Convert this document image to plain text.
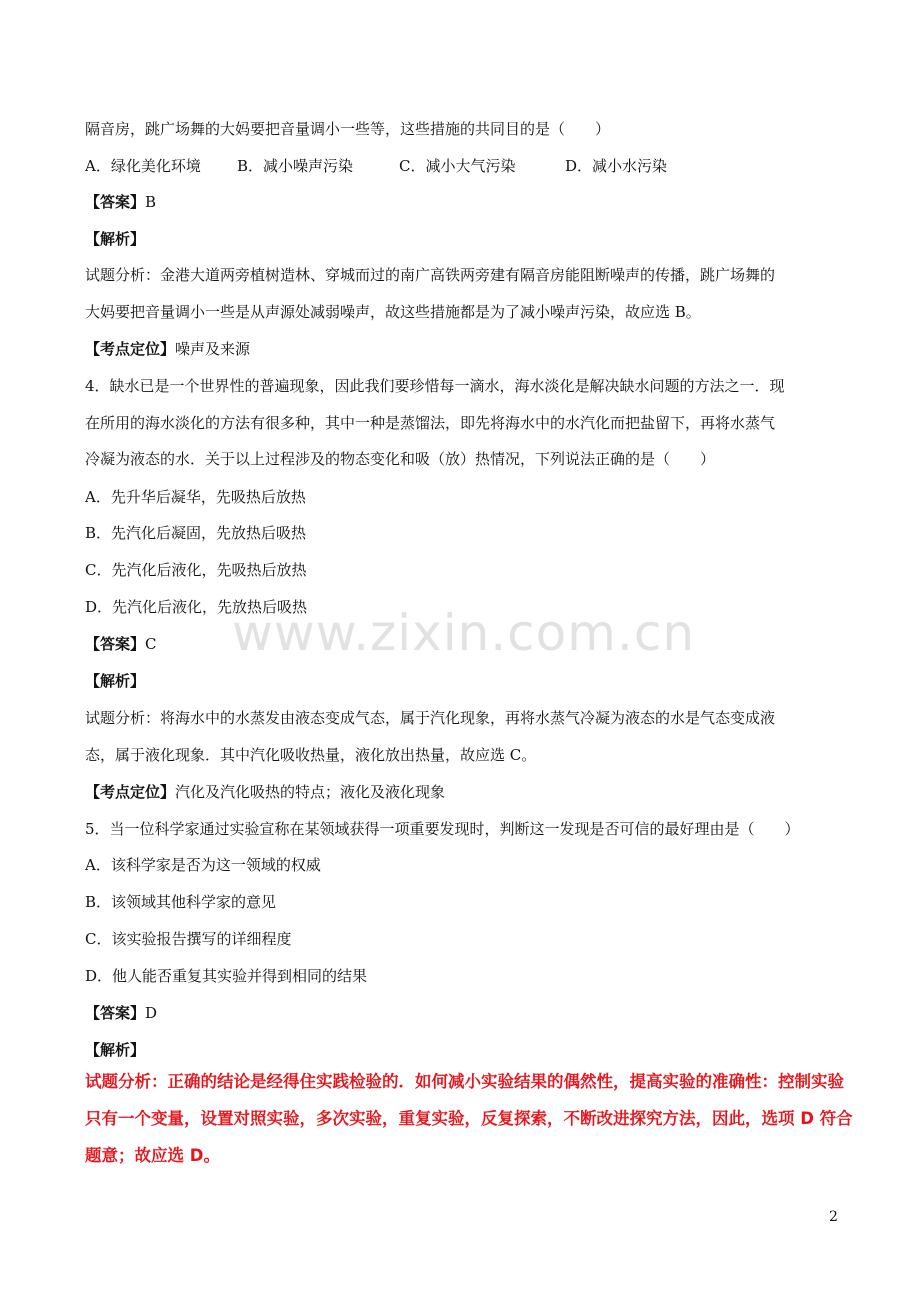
隔音房，跳广场舞的大妈要把音量调小一些等，这些措施的共同目的是（　　）
A．绿化美化环境 B．减小噪声污染	C．减小大气污染	D．减小水污染
【答案】B
【解析】
试题分析：金港大道两旁植树造林、穿城而过的南广高铁两旁建有隔音房能阻断噪声的传播，跳广场舞的
大妈要把音量调小一些是从声源处减弱噪声，故这些措施都是为了减小噪声污染，故应选 B。
【考点定位】噪声及来源
4．缺水已是一个世界性的普遍现象，因此我们要珍惜每一滴水，海水淡化是解决缺水问题的方法之一．现
在所用的海水淡化的方法有很多种，其中一种是蒸馏法，即先将海水中的水汽化而把盐留下，再将水蒸气
冷凝为液态的水．关于以上过程涉及的物态变化和吸（放）热情况，下列说法正确的是（　　）
A．先升华后凝华，先吸热后放热
B．先汽化后凝固，先放热后吸热
C．先汽化后液化，先吸热后放热
D．先汽化后液化，先放热后吸热
【答案】C
【解析】
试题分析：将海水中的水蒸发由液态变成气态，属于汽化现象，再将水蒸气冷凝为液态的水是气态变成液
态，属于液化现象．其中汽化吸收热量，液化放出热量，故应选 C。
【考点定位】汽化及汽化吸热的特点；液化及液化现象
5．当一位科学家通过实验宣称在某领域获得一项重要发现时，判断这一发现是否可信的最好理由是（　　）
A．该科学家是否为这一领域的权威
B．该领域其他科学家的意见
C．该实验报告撰写的详细程度
D．他人能否重复其实验并得到相同的结果
【答案】D
【解析】
试题分析：正确的结论是经得住实践检验的．如何减小实验结果的偶然性，提高实验的准确性：控制实验
只有一个变量，设置对照实验，多次实验，重复实验，反复探索，不断改进探究方法，因此，选项 D 符合
题意；故应选 D。
www.zixin.com.cn
2
